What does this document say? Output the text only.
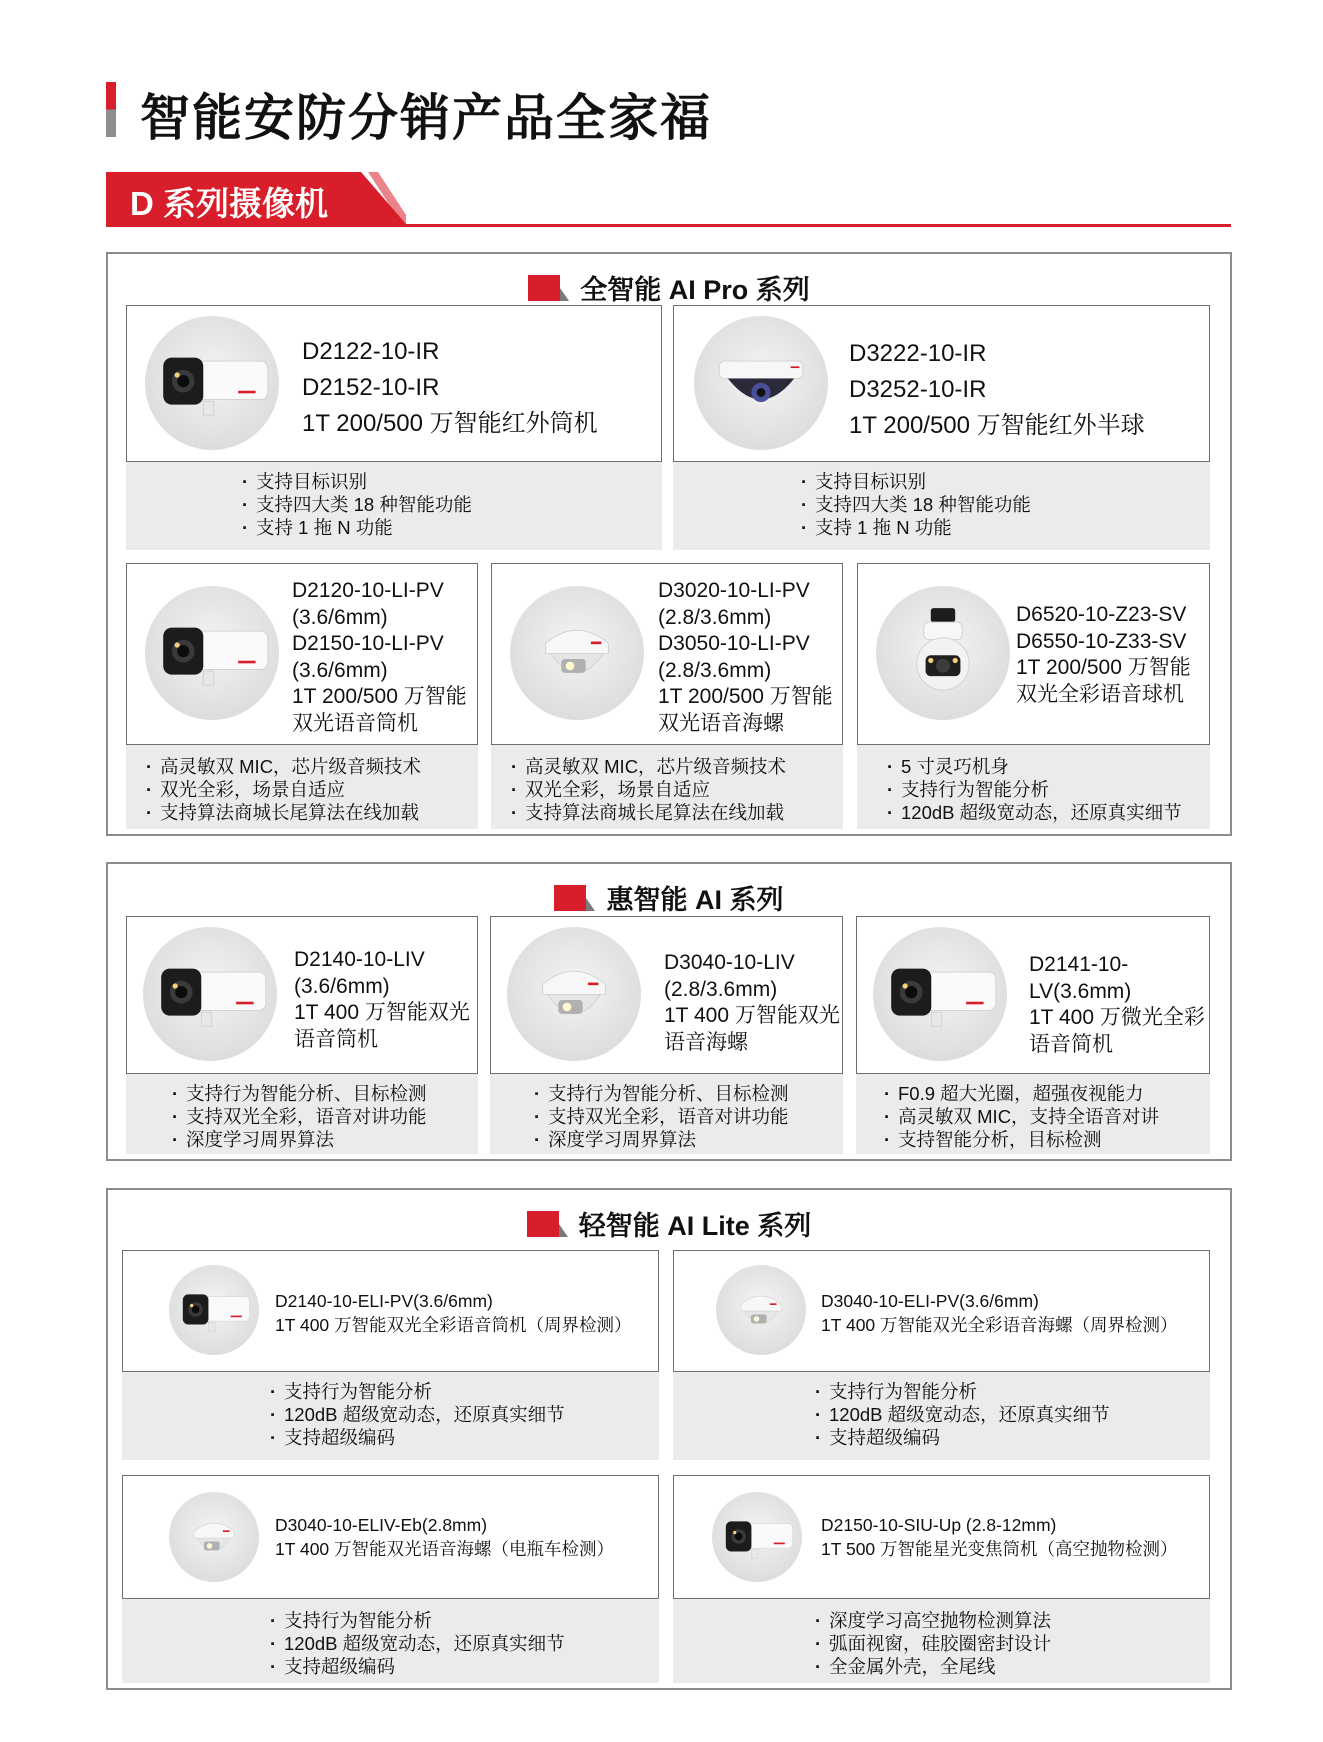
智能安防分销产品全家福
D 系列摄像机
全智能 AI Pro 系列
D2122-10-IR
D2152-10-IR
1T 200/500 万智能红外筒机
· 支持目标识别
· 支持四大类 18 种智能功能
· 支持 1 拖 N 功能
D3222-10-IR
D3252-10-IR
1T 200/500 万智能红外半球
· 支持目标识别
· 支持四大类 18 种智能功能
· 支持 1 拖 N 功能
D2120-10-LI-PV
(3.6/6mm)
D2150-10-LI-PV
(3.6/6mm)
1T 200/500 万智能
双光语音筒机
· 高灵敏双 MIC，芯片级音频技术
· 双光全彩，场景自适应
· 支持算法商城长尾算法在线加载
D3020-10-LI-PV
(2.8/3.6mm)
D3050-10-LI-PV
(2.8/3.6mm)
1T 200/500 万智能
双光语音海螺
· 高灵敏双 MIC，芯片级音频技术
· 双光全彩，场景自适应
· 支持算法商城长尾算法在线加载
D6520-10-Z23-SV
D6550-10-Z33-SV
1T 200/500 万智能
双光全彩语音球机
· 5 寸灵巧机身
· 支持行为智能分析
· 120dB 超级宽动态，还原真实细节
惠智能 AI 系列
D2140-10-LIV
(3.6/6mm)
1T 400 万智能双光
语音筒机
· 支持行为智能分析、目标检测
· 支持双光全彩，语音对讲功能
· 深度学习周界算法
D3040-10-LIV
(2.8/3.6mm)
1T 400 万智能双光
语音海螺
· 支持行为智能分析、目标检测
· 支持双光全彩，语音对讲功能
· 深度学习周界算法
D2141-10-
LV(3.6mm)
1T 400 万微光全彩
语音简机
· F0.9 超大光圈，超强夜视能力
· 高灵敏双 MIC，支持全语音对讲
· 支持智能分析，目标检测
轻智能 AI Lite 系列
D2140-10-ELI-PV(3.6/6mm)
1T 400 万智能双光全彩语音筒机（周界检测）
· 支持行为智能分析
· 120dB 超级宽动态，还原真实细节
· 支持超级编码
D3040-10-ELI-PV(3.6/6mm)
1T 400 万智能双光全彩语音海螺（周界检测）
· 支持行为智能分析
· 120dB 超级宽动态，还原真实细节
· 支持超级编码
D3040-10-ELIV-Eb(2.8mm)
1T 400 万智能双光语音海螺（电瓶车检测）
· 支持行为智能分析
· 120dB 超级宽动态，还原真实细节
· 支持超级编码
D2150-10-SIU-Up (2.8-12mm)
1T 500 万智能星光变焦筒机（高空抛物检测）
· 深度学习高空抛物检测算法
· 弧面视窗，硅胶圈密封设计
· 全金属外壳，全尾线
